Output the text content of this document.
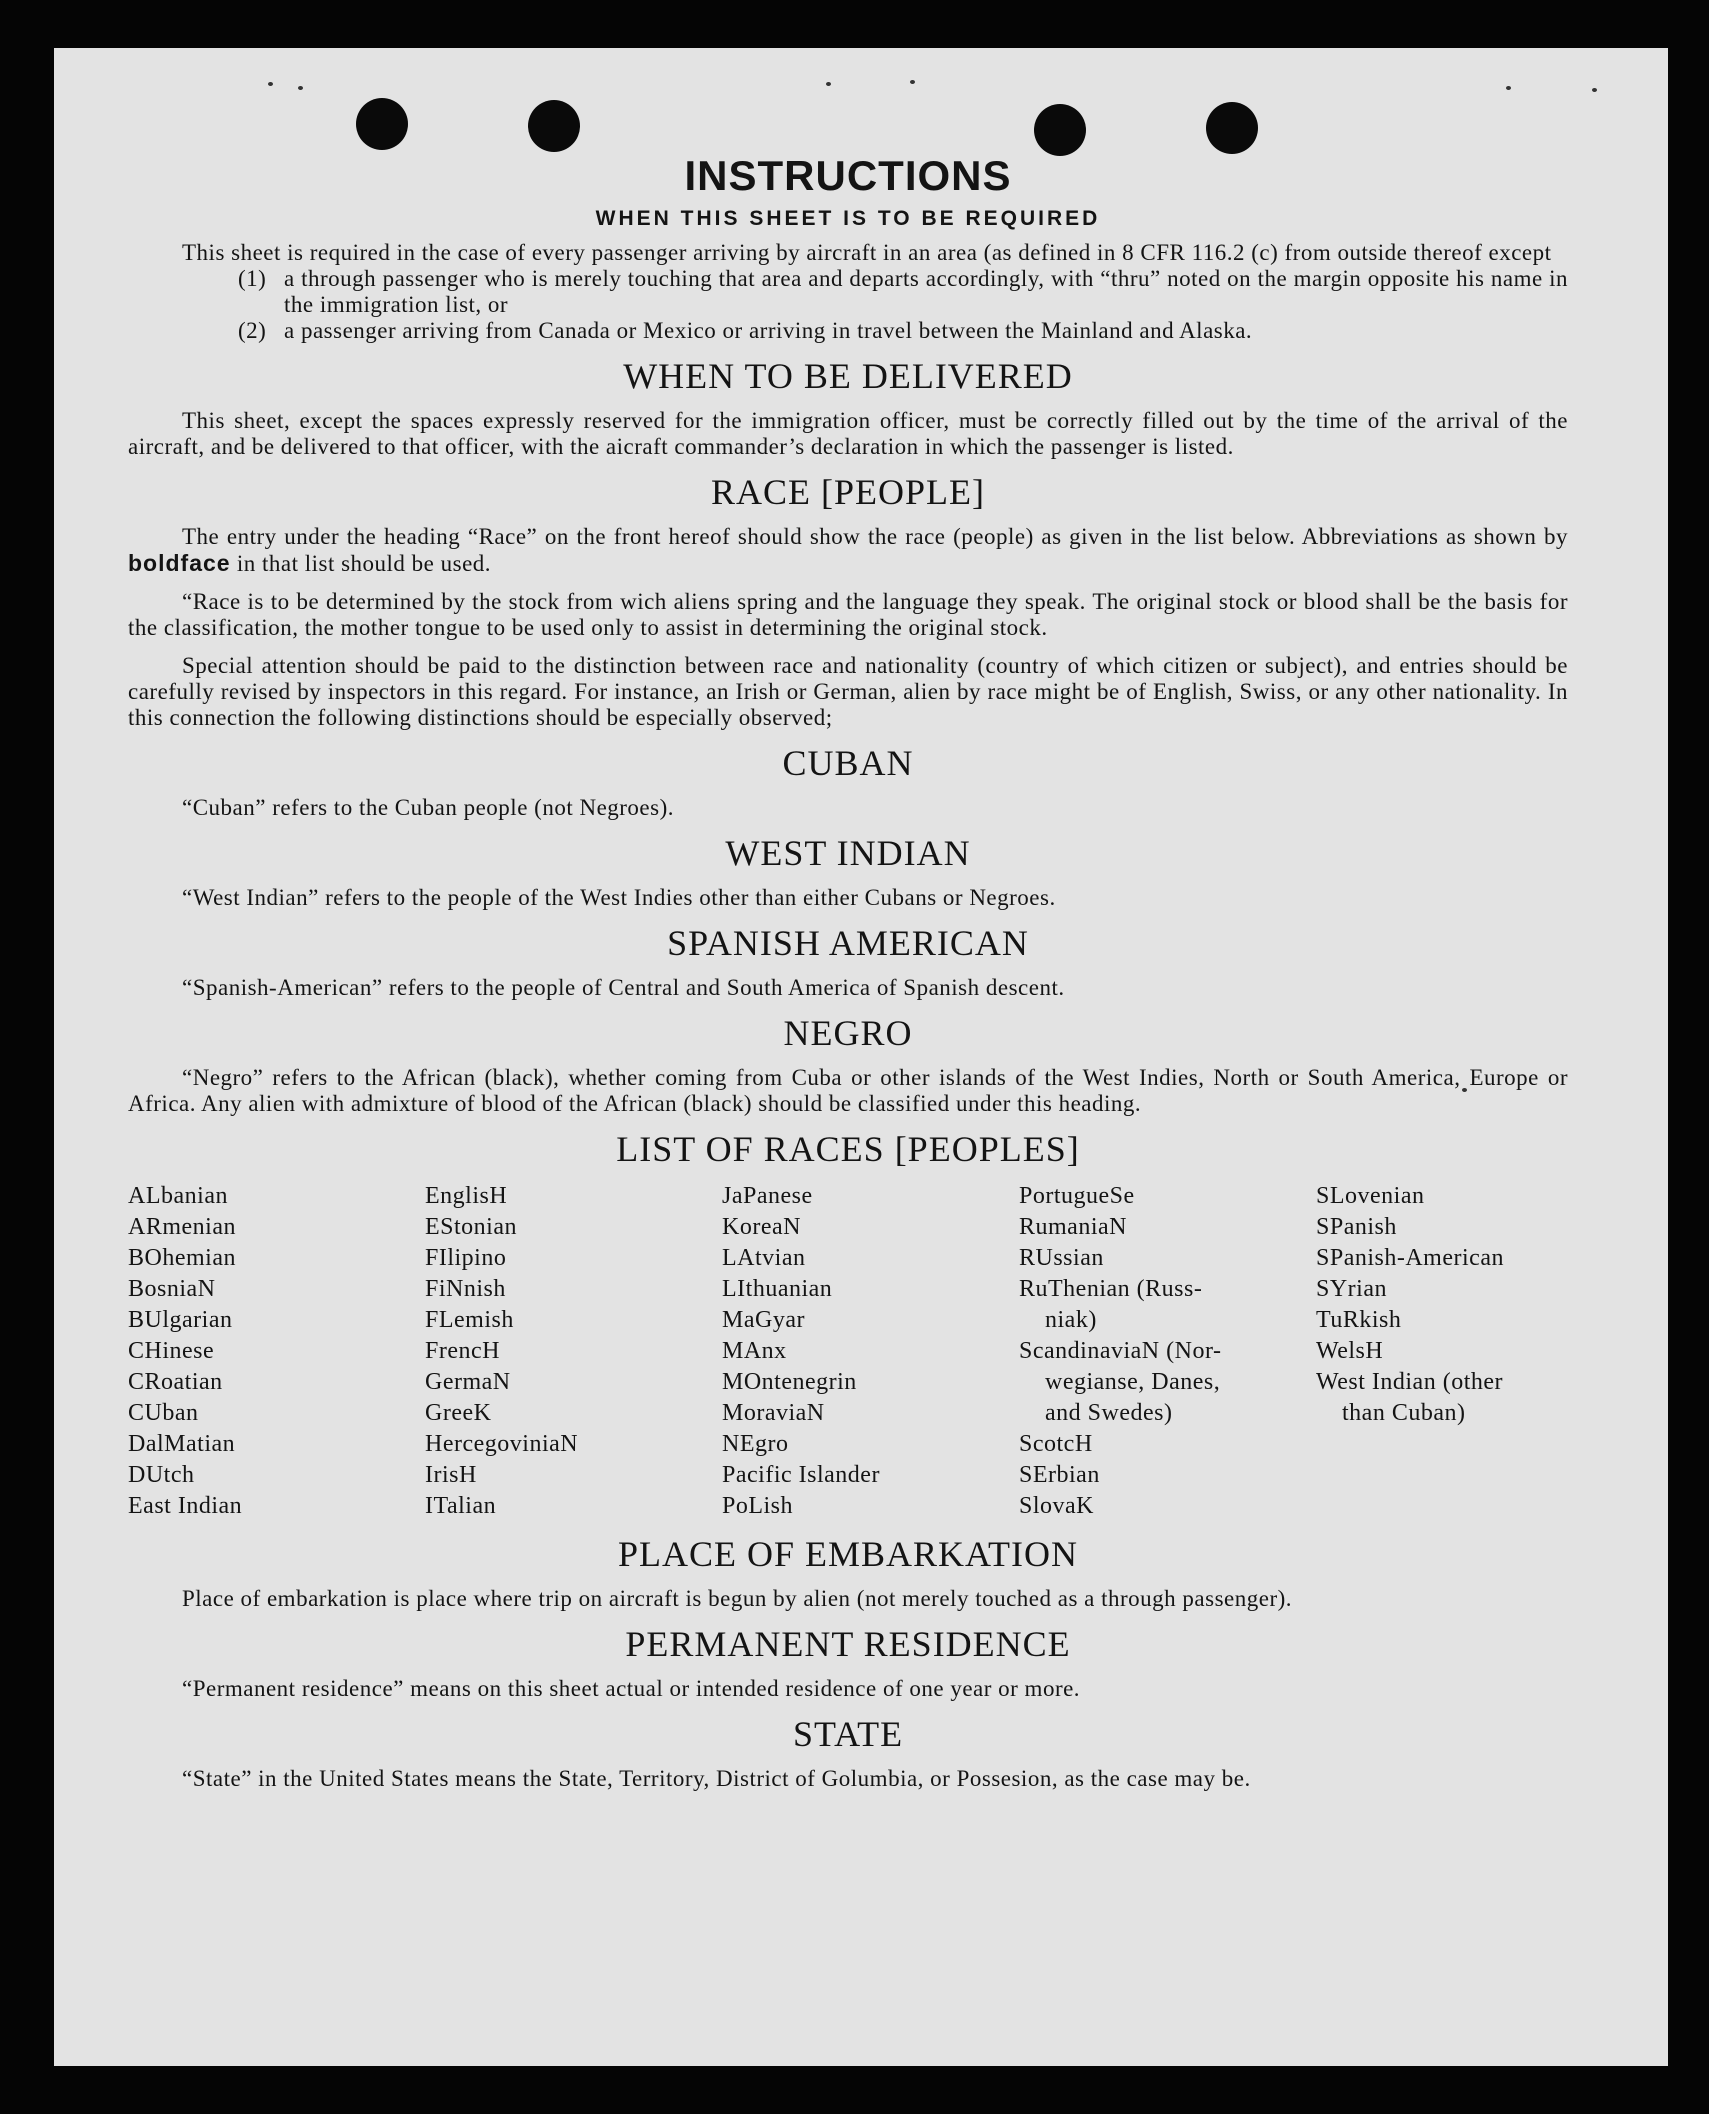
INSTRUCTIONS
WHEN THIS SHEET IS TO BE REQUIRED

This sheet is required in the case of every passenger arriving by aircraft in an area (as defined in 8 CFR 116.2 (c) from outside thereof except

(1) a through passenger who is merely touching that area and departs accordingly, with “thru” noted on the margin opposite his name in the immigration list, or
(2) a passenger arriving from Canada or Mexico or arriving in travel between the Mainland and Alaska.
WHEN TO BE DELIVERED

This sheet, except the spaces expressly reserved for the immigration officer, must be correctly filled out by the time of the arrival of the aircraft, and be delivered to that officer, with the aicraft commander’s declaration in which the passenger is listed.

RACE [PEOPLE]

The entry under the heading “Race” on the front hereof should show the race (people) as given in the list below. Abbreviations as shown by boldface in that list should be used.

“Race is to be determined by the stock from wich aliens spring and the language they speak. The original stock or blood shall be the basis for the classification, the mother tongue to be used only to assist in determining the original stock.

Special attention should be paid to the distinction between race and nationality (country of which citizen or subject), and entries should be carefully revised by inspectors in this regard. For instance, an Irish or German, alien by race might be of English, Swiss, or any other nationality. In this connection the following distinctions should be especially observed;

CUBAN

“Cuban” refers to the Cuban people (not Negroes).

WEST INDIAN

“West Indian” refers to the people of the West Indies other than either Cubans or Negroes.

SPANISH AMERICAN

“Spanish-American” refers to the people of Central and South America of Spanish descent.

NEGRO

“Negro” refers to the African (black), whether coming from Cuba or other islands of the West Indies, North or South America, Europe or Africa. Any alien with admixture of blood of the African (black) should be classified under this heading.

LIST OF RACES [PEOPLES]
ALbanian
ARmenian
BOhemian
BosniaN
BUlgarian
CHinese
CRoatian
CUban
DalMatian
DUtch
East Indian
EnglisH
EStonian
FIlipino
FiNnish
FLemish
FrencH
GermaN
GreeK
HercegoviniaN
IrisH
ITalian
JaPanese
KoreaN
LAtvian
LIthuanian
MaGyar
MAnx
MOntenegrin
MoraviaN
NEgro
Pacific Islander
PoLish
PortugueSe
RumaniaN
RUssian
RuThenian (Russ-
niak)
ScandinaviaN (Nor-
wegianse, Danes,
and Swedes)
ScotcH
SErbian
SlovaK
SLovenian
SPanish
SPanish-American
SYrian
TuRkish
WelsH
West Indian (other
than Cuban)
PLACE OF EMBARKATION

Place of embarkation is place where trip on aircraft is begun by alien (not merely touched as a through passenger).

PERMANENT RESIDENCE

“Permanent residence” means on this sheet actual or intended residence of one year or more.

STATE

“State” in the United States means the State, Territory, District of Golumbia, or Possesion, as the case may be.
